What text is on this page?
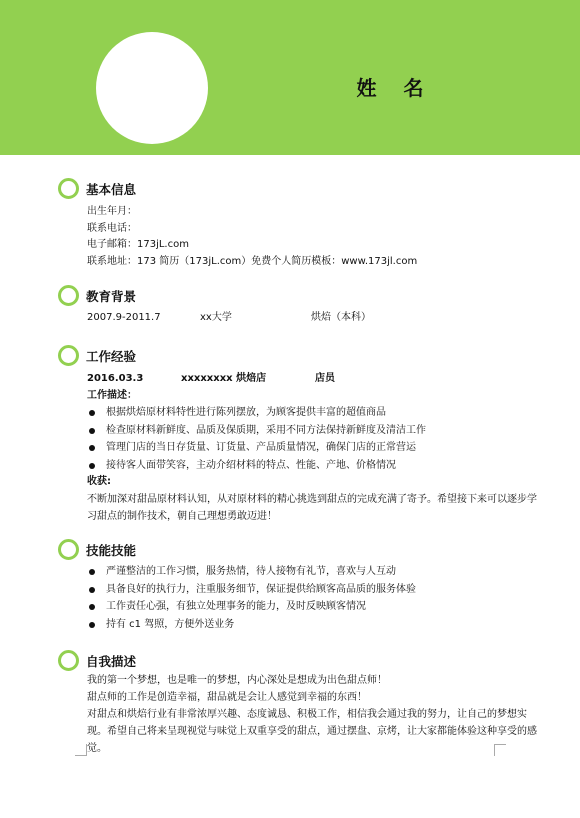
姓 名
基本信息
出生年月：
联系电话：
电子邮箱：173jL.com
联系地址：173 简历（173jL.com）免费个人简历模板：www.173jl.com
教育背景
2007.9-2011.7	xx大学	烘焙（本科）
工作经验
2016.03.3	xxxxxxxx 烘焙店	店员
工作描述：
根据烘焙原材料特性进行陈列摆放，为顾客提供丰富的超值商品
检查原材料新鲜度、品质及保质期，采用不同方法保持新鲜度及清洁工作
管理门店的当日存货量、订货量、产品质量情况，确保门店的正常营运
接待客人面带笑容，主动介绍材料的特点、性能、产地、价格情况
收获:
不断加深对甜品原材料认知，从对原材料的精心挑选到甜点的完成充满了寄予。希望接下来可以逐步学习甜点的制作技术，朝自己理想勇敢迈进！
技能技能
严谨整洁的工作习惯，服务热情，待人接物有礼节，喜欢与人互动
具备良好的执行力，注重服务细节，保证提供给顾客高品质的服务体验
工作责任心强，有独立处理事务的能力，及时反映顾客情况
持有 c1 驾照，方便外送业务
自我描述
我的第一个梦想，也是唯一的梦想，内心深处是想成为出色甜点师！
甜点师的工作是创造幸福，甜品就是会让人感觉到幸福的东西！
对甜点和烘焙行业有非常浓厚兴趣、态度诚恳、积极工作，相信我会通过我的努力，让自己的梦想实现。希望自己将来呈现视觉与味觉上双重享受的甜点，通过摆盘、京烤，让大家都能体验这种享受的感觉。
